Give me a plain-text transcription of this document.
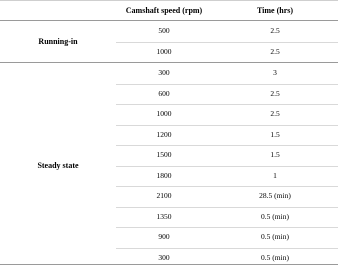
Camshaft speed (rpm)	Time (hrs)
Running-in
500	2.5
1000	2.5
Steady state
300	3
600	2.5
1000	2.5
1200	1.5
1500	1.5
1800	1
2100	28.5 (min)
1350	0.5 (min)
900	0.5 (min)
300	0.5 (min)
